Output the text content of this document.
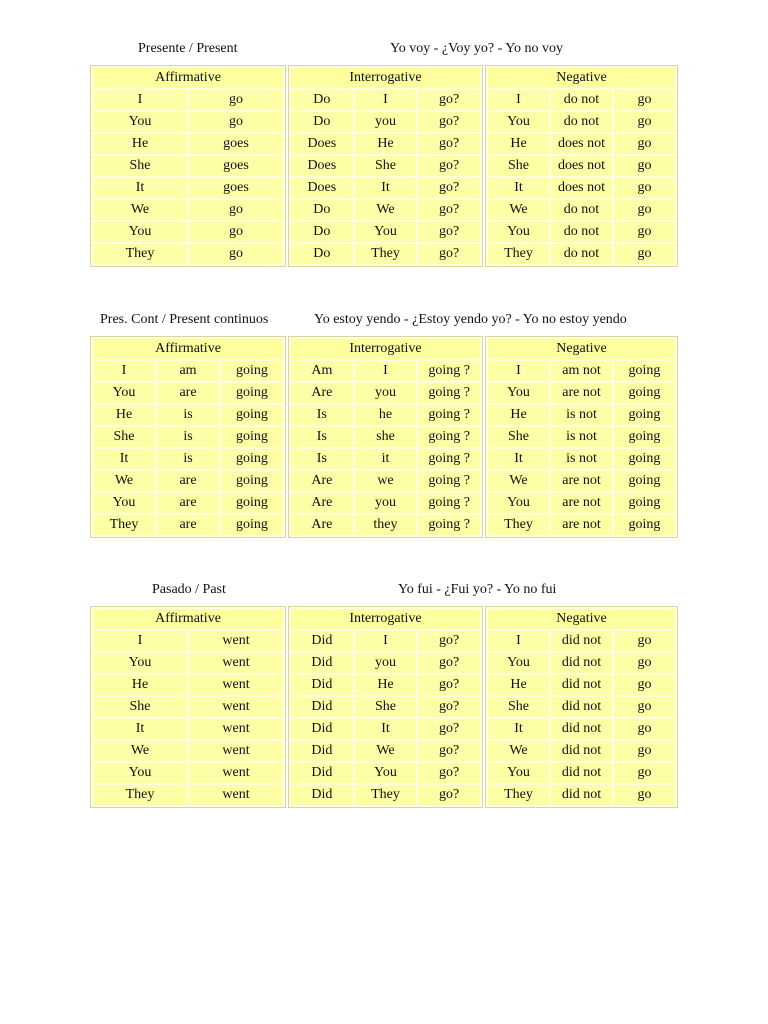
Presente / Present	Yo voy - ¿Voy yo? - Yo no voy
Affirmative	
I	go
You	go
He	goes
She	goes
It	goes
We	go
You	go
They	go
Interrogative		
Do	I	go?
Do	you	go?
Does	He	go?
Does	She	go?
Does	It	go?
Do	We	go?
Do	You	go?
Do	They	go?
Negative		
I	do not	go
You	do not	go
He	does not	go
She	does not	go
It	does not	go
We	do not	go
You	do not	go
They	do not	go
Pres. Cont / Present continuos	Yo estoy yendo - ¿Estoy yendo yo? - Yo no estoy yendo
Affirmative		
I	am	going
You	are	going
He	is	going
She	is	going
It	is	going
We	are	going
You	are	going
They	are	going
Interrogative		
Am	I	going ?
Are	you	going ?
Is	he	going ?
Is	she	going ?
Is	it	going ?
Are	we	going ?
Are	you	going ?
Are	they	going ?
Negative		
I	am not	going
You	are not	going
He	is not	going
She	is not	going
It	is not	going
We	are not	going
You	are not	going
They	are not	going
Pasado / Past	Yo fui - ¿Fui yo? - Yo no fui
Affirmative	
I	went
You	went
He	went
She	went
It	went
We	went
You	went
They	went
Interrogative		
Did	I	go?
Did	you	go?
Did	He	go?
Did	She	go?
Did	It	go?
Did	We	go?
Did	You	go?
Did	They	go?
Negative		
I	did not	go
You	did not	go
He	did not	go
She	did not	go
It	did not	go
We	did not	go
You	did not	go
They	did not	go
